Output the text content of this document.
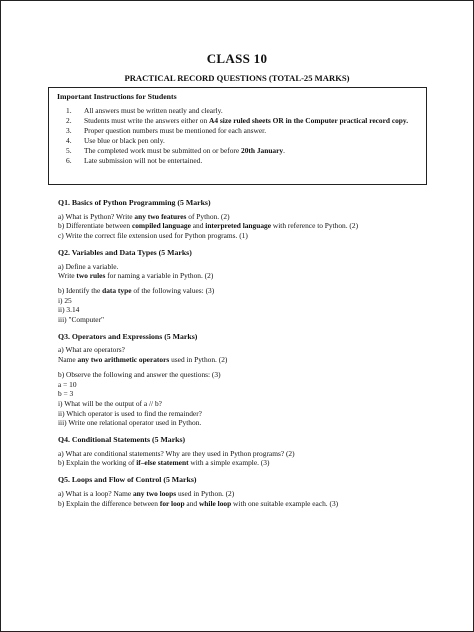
CLASS 10
PRACTICAL RECORD QUESTIONS (TOTAL-25 MARKS)
Important Instructions for Students
1.	All answers must be written neatly and clearly.
2.	Students must write the answers either on A4 size ruled sheets OR in the Computer practical record copy.
3.	Proper question numbers must be mentioned for each answer.
4.	Use blue or black pen only.
5.	The completed work must be submitted on or before 20th January.
6.	Late submission will not be entertained.
Q1. Basics of Python Programming (5 Marks)
a) What is Python? Write any two features of Python. (2)
b) Differentiate between compiled language and interpreted language with reference to Python. (2)
c) Write the correct file extension used for Python programs. (1)
Q2. Variables and Data Types (5 Marks)
a) Define a variable.
Write two rules for naming a variable in Python. (2)
b) Identify the data type of the following values: (3)
i) 25
ii) 3.14
iii) "Computer"
Q3. Operators and Expressions (5 Marks)
a) What are operators?
Name any two arithmetic operators used in Python. (2)
b) Observe the following and answer the questions: (3)
a = 10
b = 3
i) What will be the output of a // b?
ii) Which operator is used to find the remainder?
iii) Write one relational operator used in Python.
Q4. Conditional Statements (5 Marks)
a) What are conditional statements? Why are they used in Python programs? (2)
b) Explain the working of if–else statement with a simple example. (3)
Q5. Loops and Flow of Control (5 Marks)
a) What is a loop? Name any two loops used in Python. (2)
b) Explain the difference between for loop and while loop with one suitable example each. (3)
